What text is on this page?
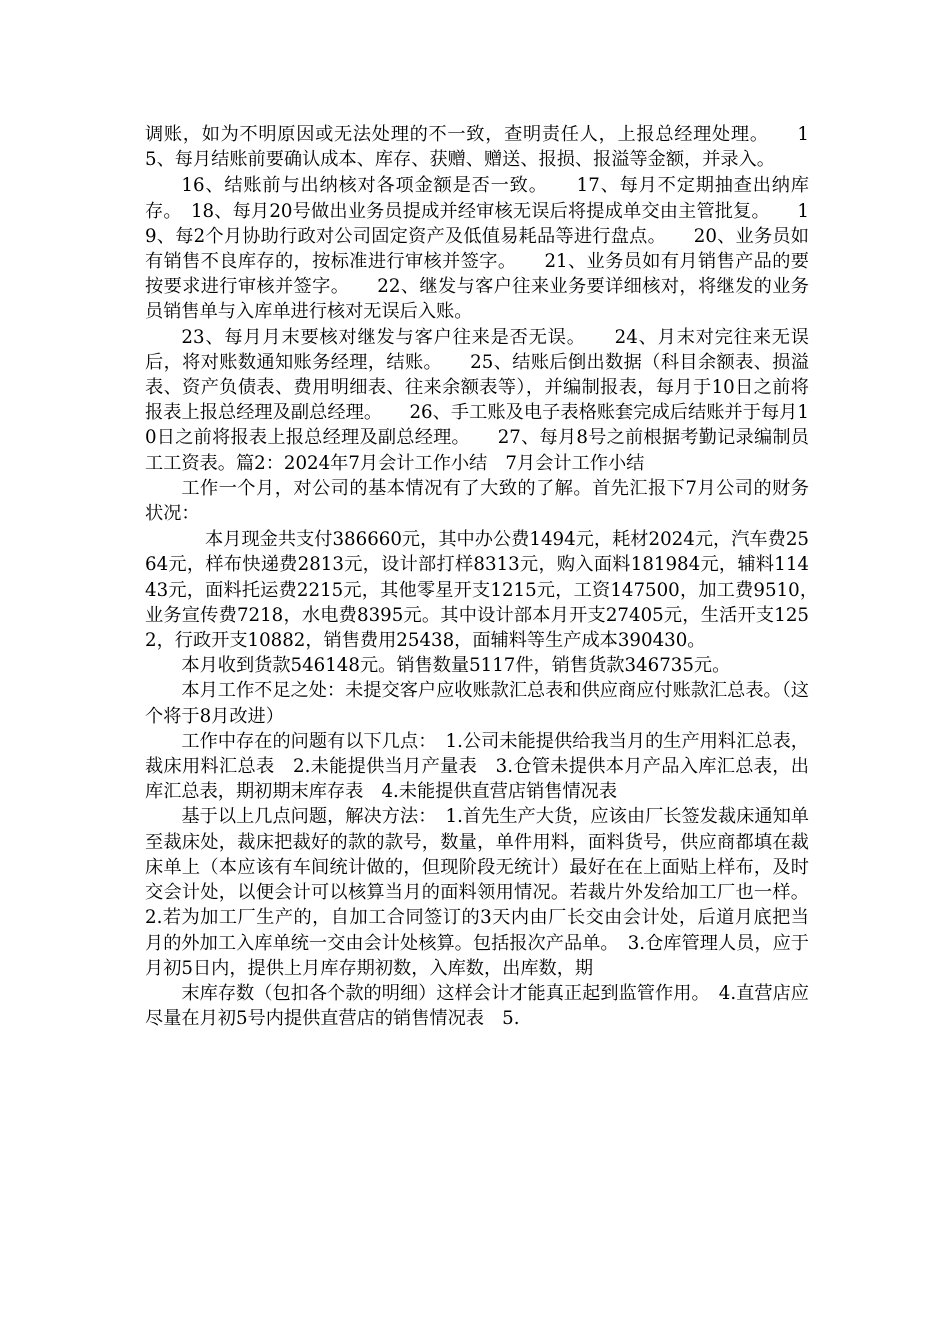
调账，如为不明原因或无法处理的不一致，查明责任人，上报总经理处理。　　15、每月结账前要确认成本、库存、获赠、赠送、报损、报溢等金额，并录入。

16、结账前与出纳核对各项金额是否一致。　　17、每月不定期抽查出纳库存。　18、每月20号做出业务员提成并经审核无误后将提成单交由主管批复。　　19、每2个月协助行政对公司固定资产及低值易耗品等进行盘点。　　20、业务员如有销售不良库存的，按标准进行审核并签字。　　21、业务员如有月销售产品的要按要求进行审核并签字。　　22、继发与客户往来业务要详细核对，将继发的业务员销售单与入库单进行核对无误后入账。

23、每月月末要核对继发与客户往来是否无误。　　24、月末对完往来无误后，将对账数通知账务经理，结账。　　25、结账后倒出数据（科目余额表、损溢表、资产负债表、费用明细表、往来余额表等），并编制报表，每月于10日之前将报表上报总经理及副总经理。　　26、手工账及电子表格账套完成后结账并于每月10日之前将报表上报总经理及副总经理。　　27、每月8号之前根据考勤记录编制员工工资表。篇2：2024年7月会计工作小结　7月会计工作小结

工作一个月，对公司的基本情况有了大致的了解。首先汇报下7月公司的财务状况：

本月现金共支付386660元，其中办公费1494元，耗材2024元，汽车费2564元，样布快递费2813元，设计部打样8313元，购入面料181984元，辅料11443元，面料托运费2215元，其他零星开支1215元，工资147500，加工费9510，　业务宣传费7218，水电费8395元。其中设计部本月开支27405元，生活开支1252，行政开支10882，销售费用25438，面辅料等生产成本390430。

本月收到货款546148元。销售数量5117件，销售货款346735元。

本月工作不足之处：未提交客户应收账款汇总表和供应商应付账款汇总表。（这个将于8月改进）

工作中存在的问题有以下几点：　1.公司未能提供给我当月的生产用料汇总表，裁床用料汇总表　2.未能提供当月产量表　3.仓管未提供本月产品入库汇总表，出库汇总表，期初期末库存表　4.未能提供直营店销售情况表

基于以上几点问题，解决方法：　1.首先生产大货，应该由厂长签发裁床通知单至裁床处，裁床把裁好的款的款号，数量，单件用料，面料货号，供应商都填在裁床单上（本应该有车间统计做的，但现阶段无统计）最好在在上面贴上样布，及时交会计处，以便会计可以核算当月的面料领用情况。若裁片外发给加工厂也一样。2.若为加工厂生产的，自加工合同签订的3天内由厂长交由会计处，后道月底把当月的外加工入库单统一交由会计处核算。包括报次产品单。　3.仓库管理人员，应于月初5日内，提供上月库存期初数，入库数，出库数，期

末库存数（包扣各个款的明细）这样会计才能真正起到监管作用。　4.直营店应尽量在月初5号内提供直营店的销售情况表　5.
